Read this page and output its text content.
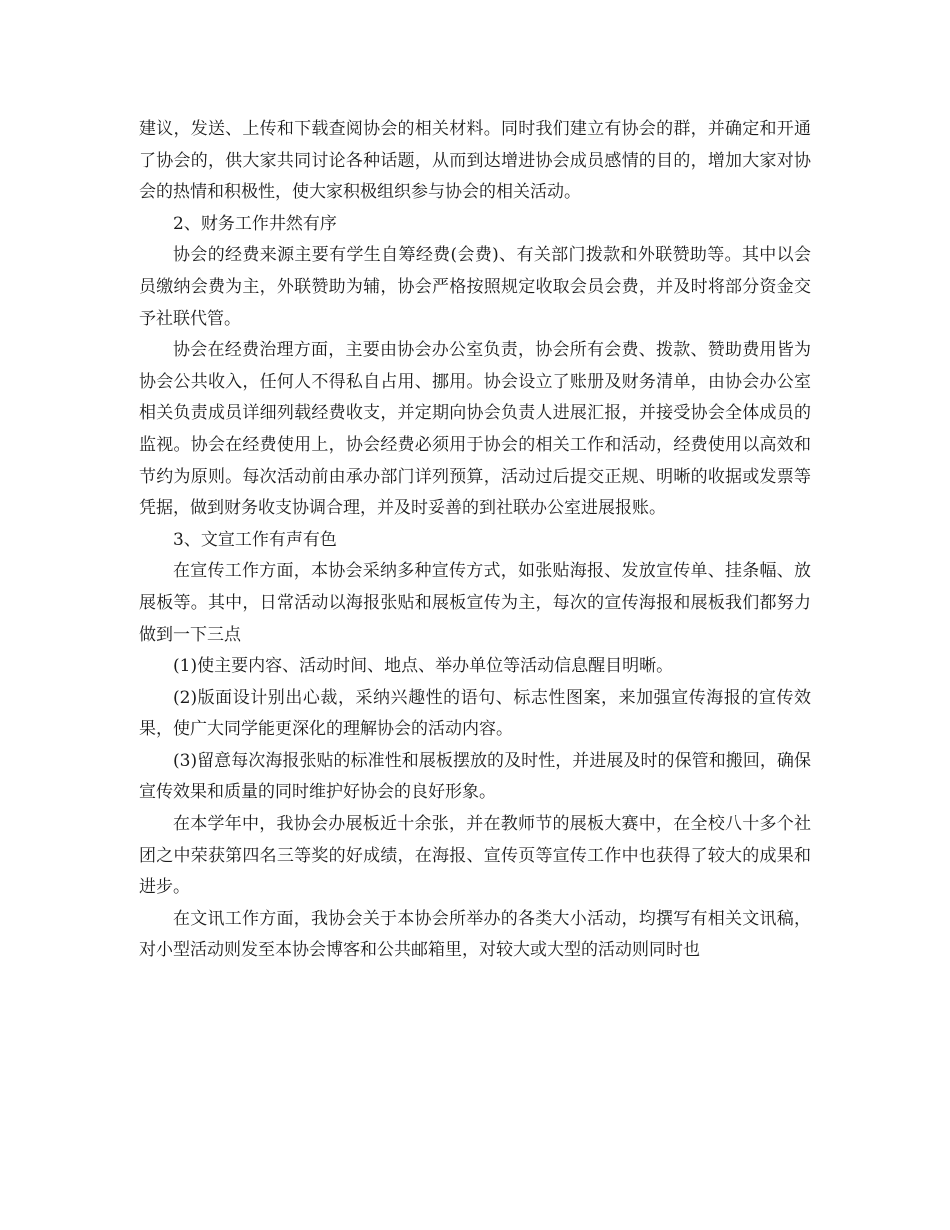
建议，发送、上传和下载查阅协会的相关材料。同时我们建立有协会的群，并确定和开通了协会的，供大家共同讨论各种话题，从而到达增进协会成员感情的目的，增加大家对协会的热情和积极性，使大家积极组织参与协会的相关活动。

2、财务工作井然有序

协会的经费来源主要有学生自筹经费(会费)、有关部门拨款和外联赞助等。其中以会员缴纳会费为主，外联赞助为辅，协会严格按照规定收取会员会费，并及时将部分资金交予社联代管。

协会在经费治理方面，主要由协会办公室负责，协会所有会费、拨款、赞助费用皆为协会公共收入，任何人不得私自占用、挪用。协会设立了账册及财务清单，由协会办公室相关负责成员详细列载经费收支，并定期向协会负责人进展汇报，并接受协会全体成员的监视。协会在经费使用上，协会经费必须用于协会的相关工作和活动，经费使用以高效和节约为原则。每次活动前由承办部门详列预算，活动过后提交正规、明晰的收据或发票等凭据，做到财务收支协调合理，并及时妥善的到社联办公室进展报账。

3、文宣工作有声有色

在宣传工作方面，本协会采纳多种宣传方式，如张贴海报、发放宣传单、挂条幅、放展板等。其中，日常活动以海报张贴和展板宣传为主，每次的宣传海报和展板我们都努力做到一下三点

(1)使主要内容、活动时间、地点、举办单位等活动信息醒目明晰。

(2)版面设计别出心裁，采纳兴趣性的语句、标志性图案，来加强宣传海报的宣传效果，使广大同学能更深化的理解协会的活动内容。

(3)留意每次海报张贴的标准性和展板摆放的及时性，并进展及时的保管和搬回，确保宣传效果和质量的同时维护好协会的良好形象。

在本学年中，我协会办展板近十余张，并在教师节的展板大赛中，在全校八十多个社团之中荣获第四名三等奖的好成绩，在海报、宣传页等宣传工作中也获得了较大的成果和进步。

在文讯工作方面，我协会关于本协会所举办的各类大小活动，均撰写有相关文讯稿，对小型活动则发至本协会博客和公共邮箱里，对较大或大型的活动则同时也
